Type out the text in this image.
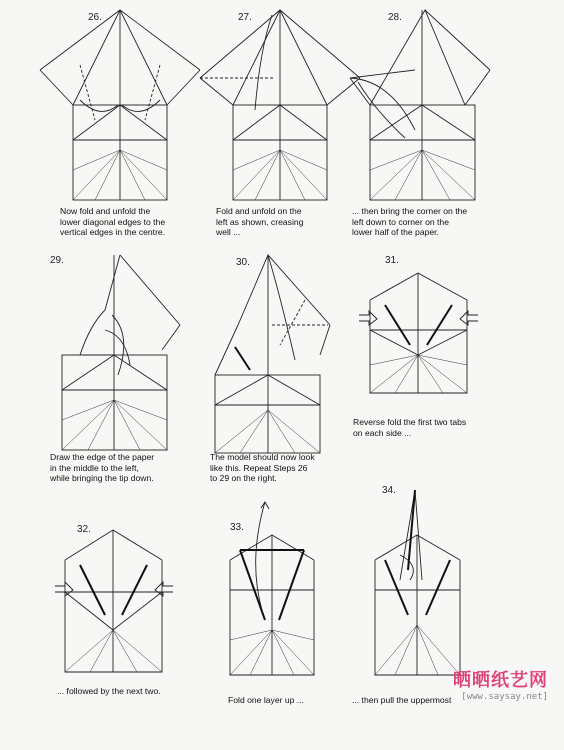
26.
Now fold and unfold the
lower diagonal edges to the
vertical edges in the centre.
27.
Fold and unfold on the
left as shown, creasing
well ...
28.
... then bring the corner on the
left down to corner on the
lower half of the paper.
29.
Draw the edge of the paper
in the middle to the left,
while bringing the tip down.
30.
The model should now look
like this. Repeat Steps 26
to 29 on the right.
31.
Reverse fold the first two tabs
on each side ...
32.
... followed by the next two.
33.
Fold one layer up ...
34.
... then pull the uppermost
晒晒纸艺网
[www.saysay.net]
